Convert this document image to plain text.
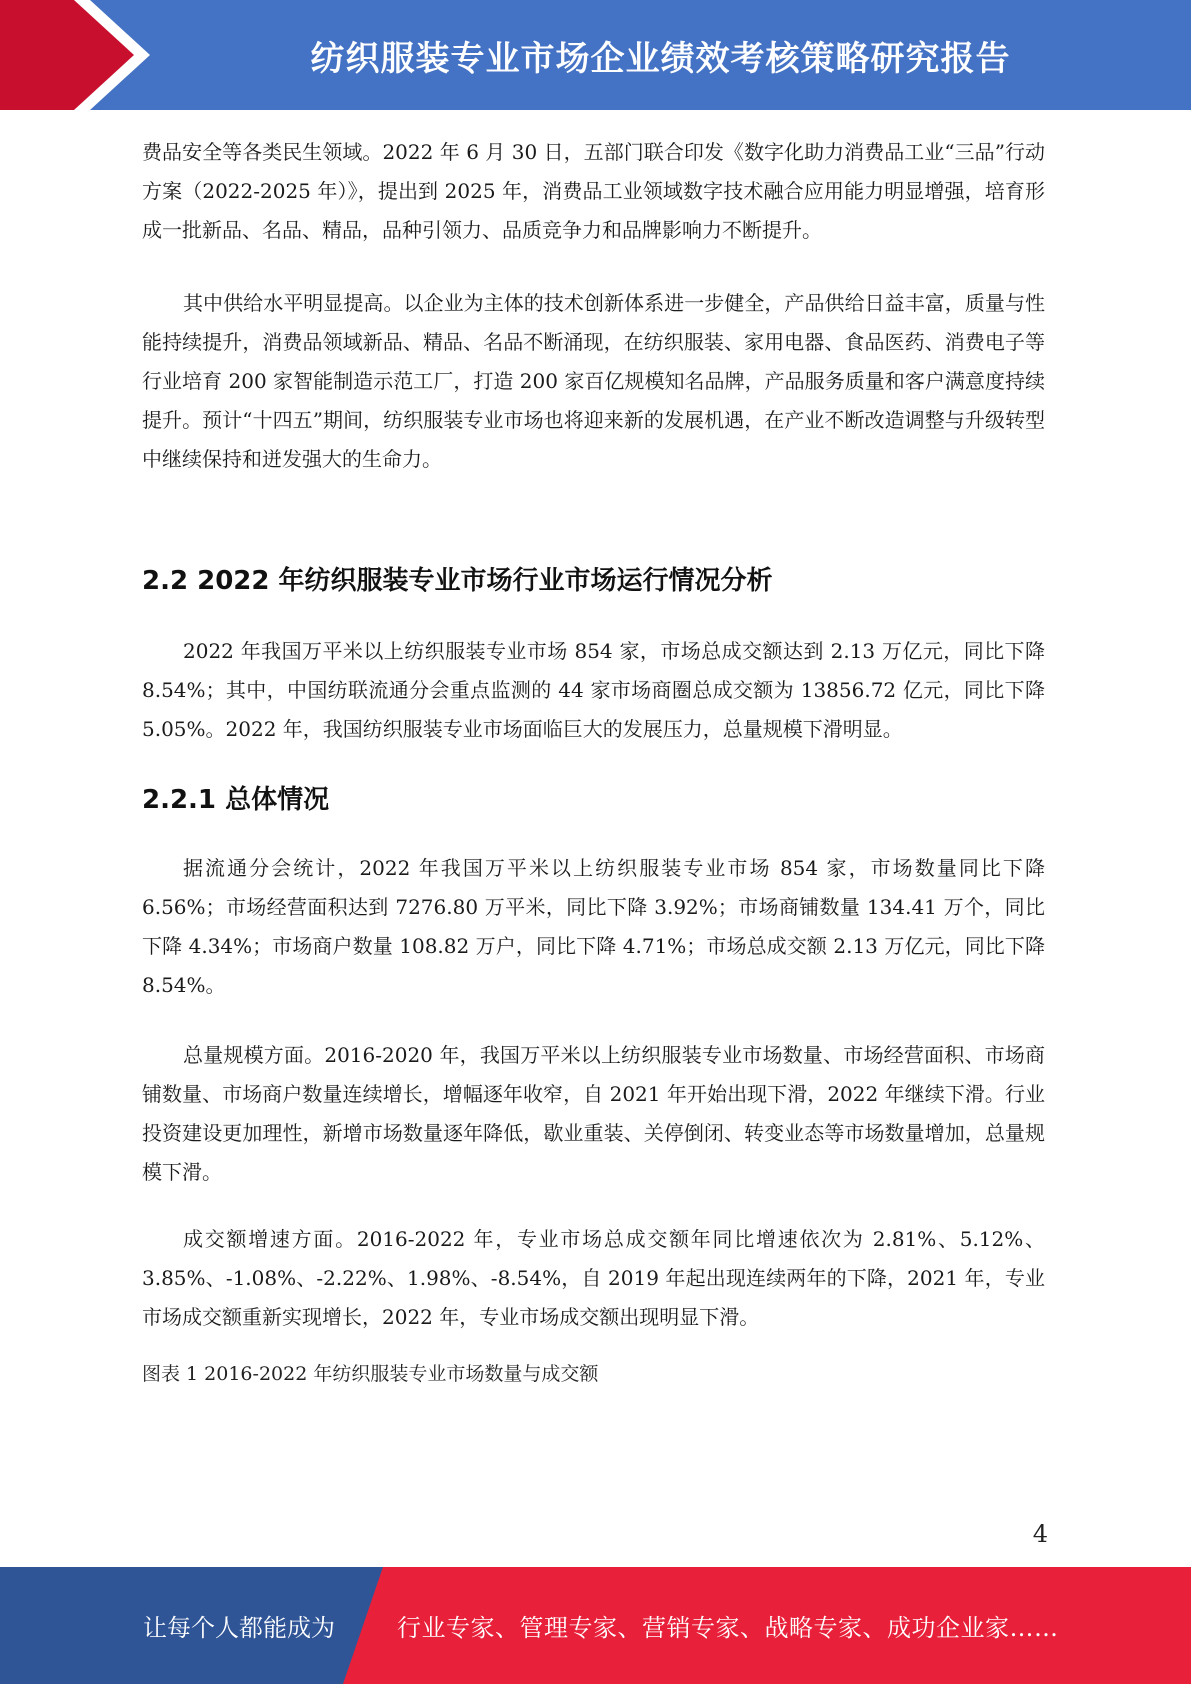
纺织服装专业市场企业绩效考核策略研究报告

费品安全等各类民生领域。2022 年 6 月 30 日，五部门联合印发《数字化助力消费品工业“三品”行动方案（2022-2025 年）》，提出到 2025 年，消费品工业领域数字技术融合应用能力明显增强，培育形成一批新品、名品、精品，品种引领力、品质竞争力和品牌影响力不断提升。

其中供给水平明显提高。以企业为主体的技术创新体系进一步健全，产品供给日益丰富，质量与性能持续提升，消费品领域新品、精品、名品不断涌现，在纺织服装、家用电器、食品医药、消费电子等行业培育 200 家智能制造示范工厂，打造 200 家百亿规模知名品牌，产品服务质量和客户满意度持续提升。预计“十四五”期间，纺织服装专业市场也将迎来新的发展机遇，在产业不断改造调整与升级转型中继续保持和迸发强大的生命力。

2.2 2022 年纺织服装专业市场行业市场运行情况分析

2022 年我国万平米以上纺织服装专业市场 854 家，市场总成交额达到 2.13 万亿元，同比下降 8.54%；其中，中国纺联流通分会重点监测的 44 家市场商圈总成交额为 13856.72 亿元，同比下降 5.05%。2022 年，我国纺织服装专业市场面临巨大的发展压力，总量规模下滑明显。

2.2.1 总体情况

据流通分会统计，2022 年我国万平米以上纺织服装专业市场 854 家，市场数量同比下降 6.56%；市场经营面积达到 7276.80 万平米，同比下降 3.92%；市场商铺数量 134.41 万个，同比下降 4.34%；市场商户数量 108.82 万户，同比下降 4.71%；市场总成交额 2.13 万亿元，同比下降 8.54%。

总量规模方面。2016-2020 年，我国万平米以上纺织服装专业市场数量、市场经营面积、市场商铺数量、市场商户数量连续增长，增幅逐年收窄，自 2021 年开始出现下滑，2022 年继续下滑。行业投资建设更加理性，新增市场数量逐年降低，歇业重装、关停倒闭、转变业态等市场数量增加，总量规模下滑。

成交额增速方面。2016-2022 年，专业市场总成交额年同比增速依次为 2.81%、5.12%、3.85%、-1.08%、-2.22%、1.98%、-8.54%，自 2019 年起出现连续两年的下降，2021 年，专业市场成交额重新实现增长，2022 年，专业市场成交额出现明显下滑。

图表 1 2016-2022 年纺织服装专业市场数量与成交额
4
让每个人都能成为	行业专家、管理专家、营销专家、战略专家、成功企业家……
